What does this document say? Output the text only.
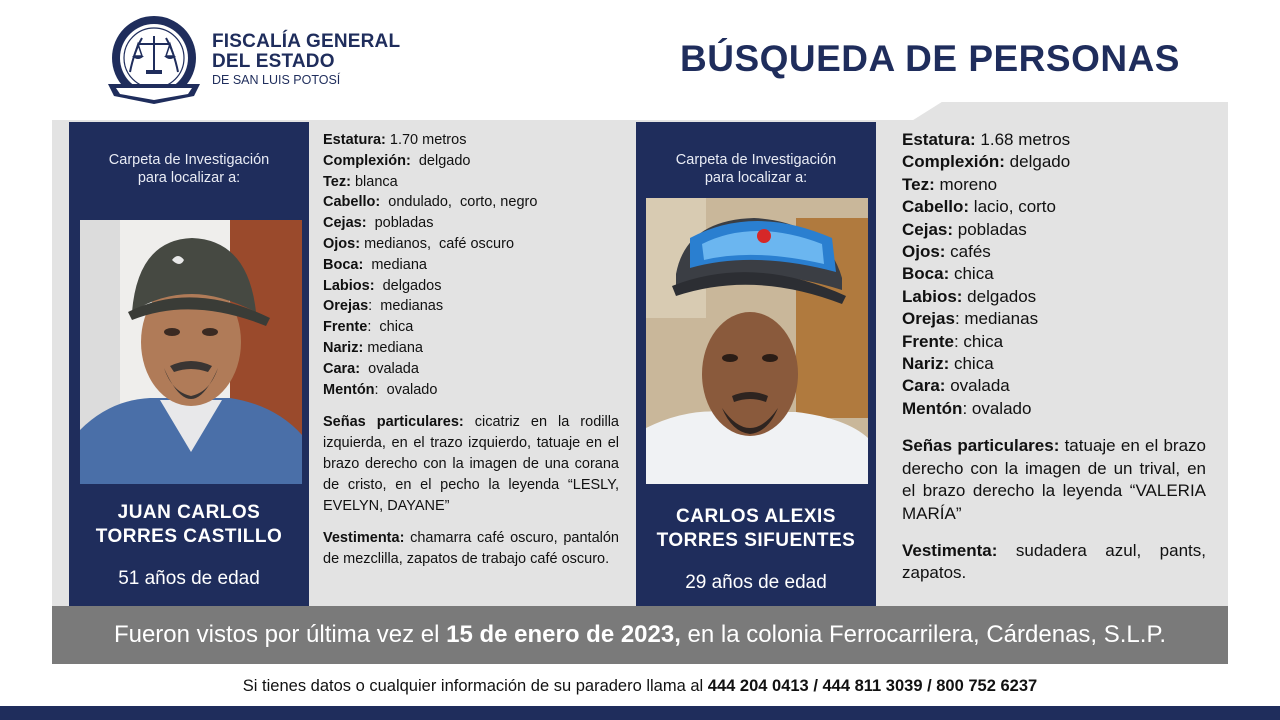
FISCALÍA GENERAL
DEL ESTADO
DE SAN LUIS POTOSÍ
BÚSQUEDA DE PERSONAS
Carpeta de Investigación
para localizar a:
JUAN CARLOS
TORRES CASTILLO
51 años de edad
Estatura: 1.70 metros
Complexión:  delgado
Tez: blanca
Cabello:  ondulado,  corto, negro
Cejas:  pobladas
Ojos: medianos,  café oscuro
Boca:  mediana
Labios:  delgados
Orejas:  medianas
Frente:  chica
Nariz: mediana
Cara:  ovalada
Mentón:  ovalado
Señas particulares: cicatriz en la rodilla izquierda, en el trazo izquierdo, tatuaje en el brazo derecho con la imagen de una corana de cristo, en el pecho la leyenda “LESLY, EVELYN, DAYANE”
Vestimenta: chamarra café oscuro, pantalón de mezclilla, zapatos de trabajo café oscuro.
Carpeta de Investigación
para localizar a:
CARLOS ALEXIS
TORRES SIFUENTES
29 años de edad
Estatura: 1.68 metros
Complexión: delgado
Tez: moreno
Cabello: lacio, corto
Cejas: pobladas
Ojos: cafés
Boca: chica
Labios: delgados
Orejas: medianas
Frente: chica
Nariz: chica
Cara: ovalada
Mentón: ovalado
Señas particulares: tatuaje en el brazo derecho con la imagen de un trival, en el brazo derecho la leyenda “VALERIA MARÍA”
Vestimenta: sudadera azul, pants, zapatos.
Fueron vistos por última vez el 15 de enero de 2023, en la colonia Ferrocarrilera, Cárdenas, S.L.P.
Si tienes datos o cualquier información de su paradero llama al 444 204 0413 / 444 811 3039 / 800 752 6237
